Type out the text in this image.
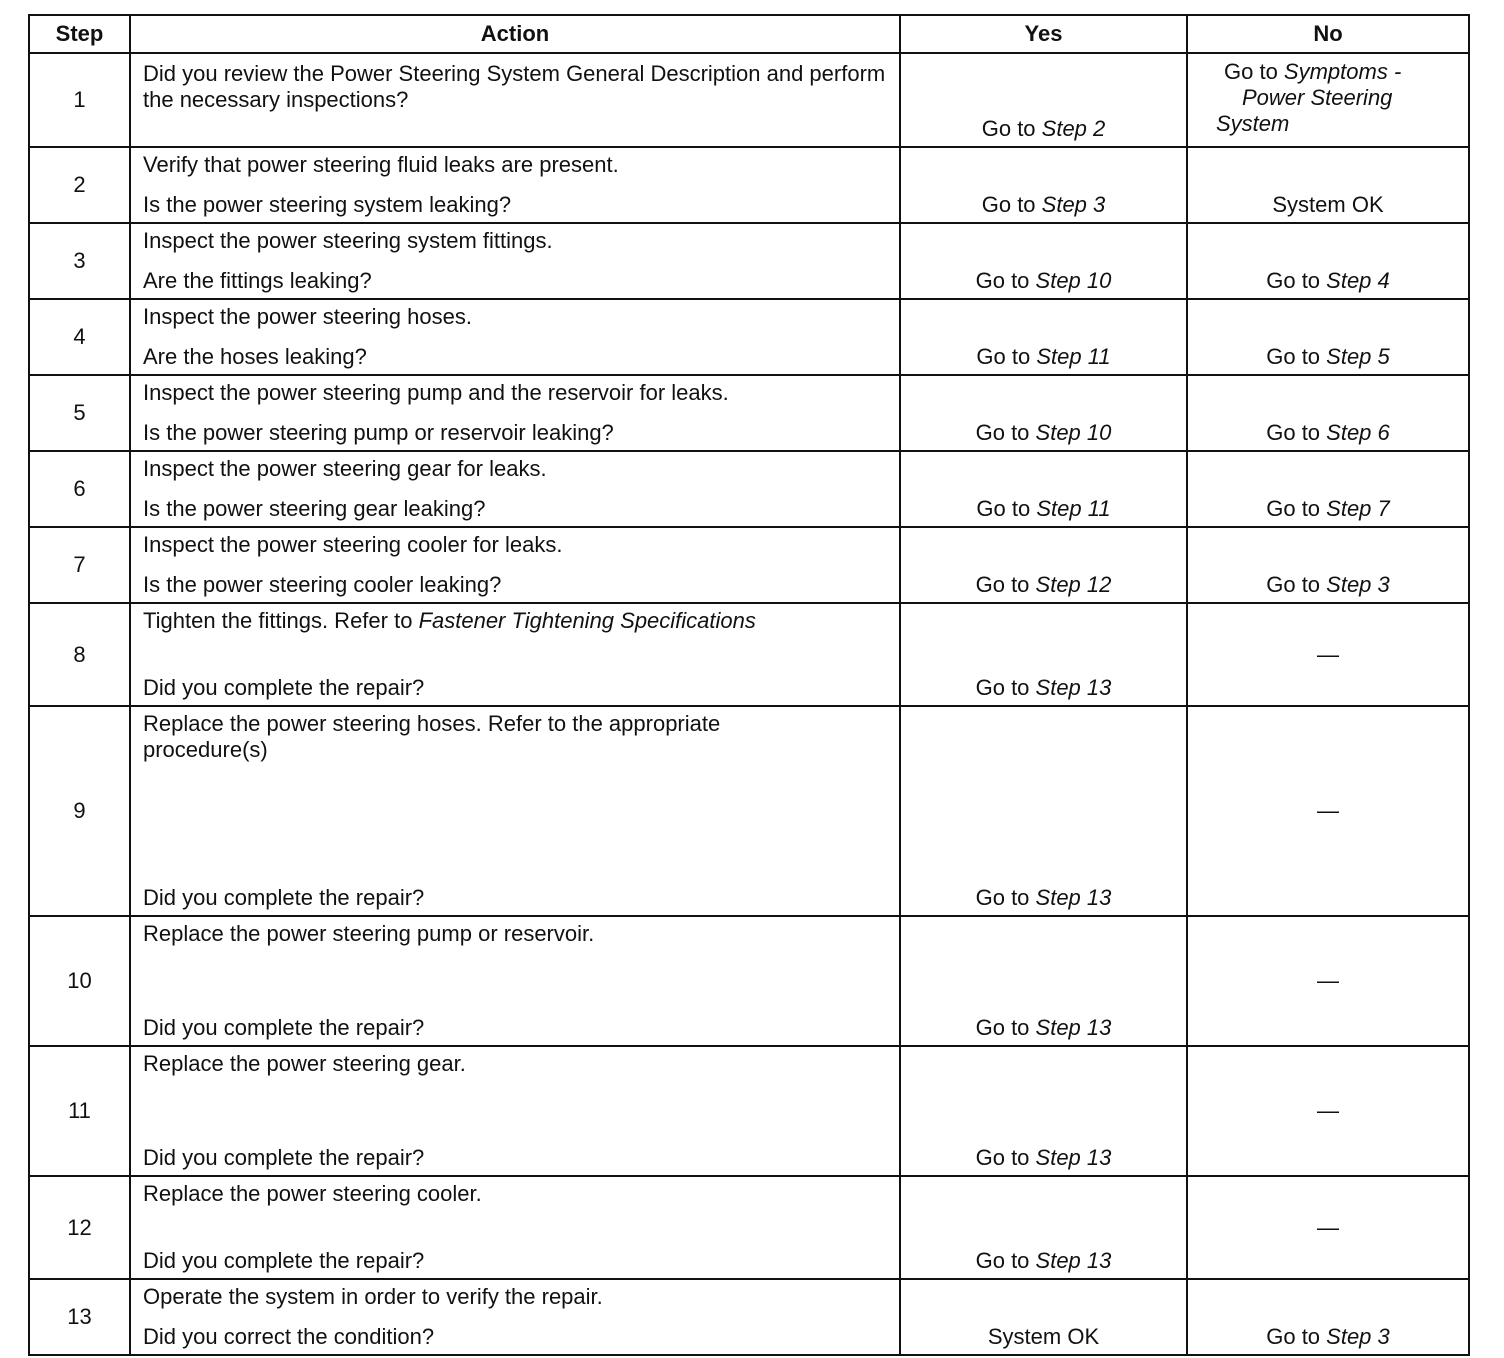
Step	Action	Yes	No
1	Did you review the Power Steering System General Description and perform the necessary inspections?	Go to Step 2	Go to Symptoms -
Power Steering
System

2	Verify that power steering fluid leaks are present.
Is the power steering system leaking?	Go to Step 3	System OK

3	Inspect the power steering system fittings.
Are the fittings leaking?	Go to Step 10	Go to Step 4

4	Inspect the power steering hoses.
Are the hoses leaking?	Go to Step 11	Go to Step 5

5	Inspect the power steering pump and the reservoir for leaks.
Is the power steering pump or reservoir leaking?	Go to Step 10	Go to Step 6

6	Inspect the power steering gear for leaks.
Is the power steering gear leaking?	Go to Step 11	Go to Step 7

7	Inspect the power steering cooler for leaks.
Is the power steering cooler leaking?	Go to Step 12	Go to Step 3

8	Tighten the fittings. Refer to Fastener Tightening Specifications
Did you complete the repair?	Go to Step 13	—

9	Replace the power steering hoses. Refer to the appropriate procedure(s)
Did you complete the repair?	Go to Step 13	—

10	Replace the power steering pump or reservoir.
Did you complete the repair?	Go to Step 13	—

11	Replace the power steering gear.
Did you complete the repair?	Go to Step 13	—

12	Replace the power steering cooler.
Did you complete the repair?	Go to Step 13	—

13	Operate the system in order to verify the repair.
Did you correct the condition?	System OK	Go to Step 3
